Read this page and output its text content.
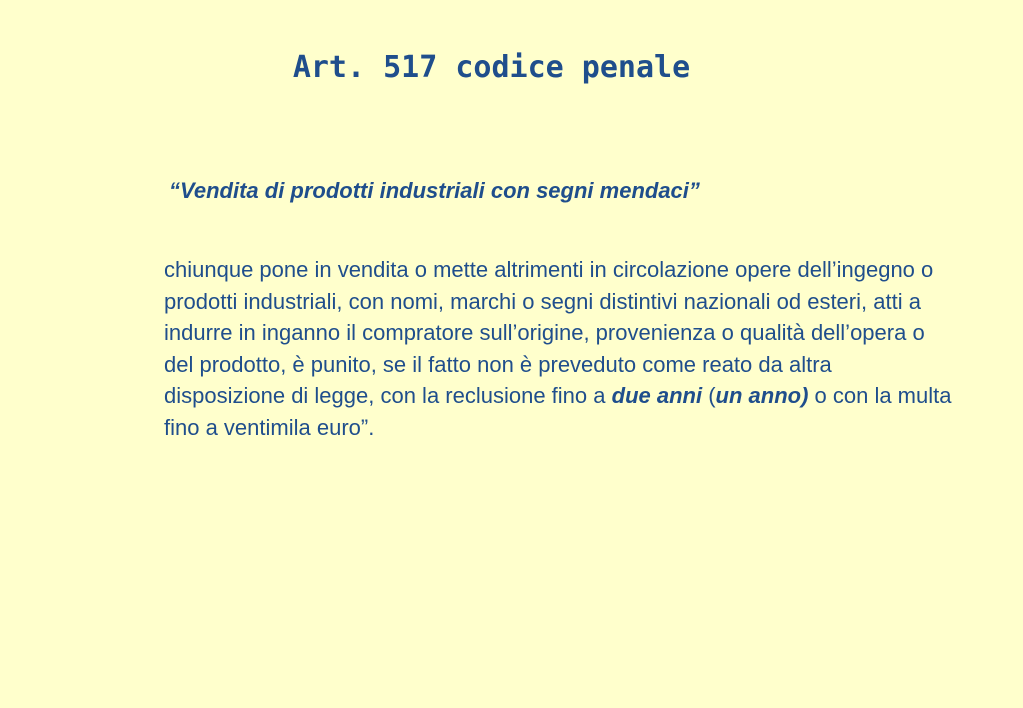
Art. 517 codice penale
“Vendita di prodotti industriali con segni mendaci”
chiunque pone in vendita o mette altrimenti in circolazione opere dell’ingegno o prodotti industriali, con nomi, marchi o segni distintivi nazionali od esteri, atti a indurre in inganno il compratore sull’origine, provenienza o qualità dell’opera o del prodotto, è punito, se il fatto non è preveduto come reato da altra disposizione di legge, con la reclusione fino a due anni (un anno) o con la multa fino a ventimila euro”.
